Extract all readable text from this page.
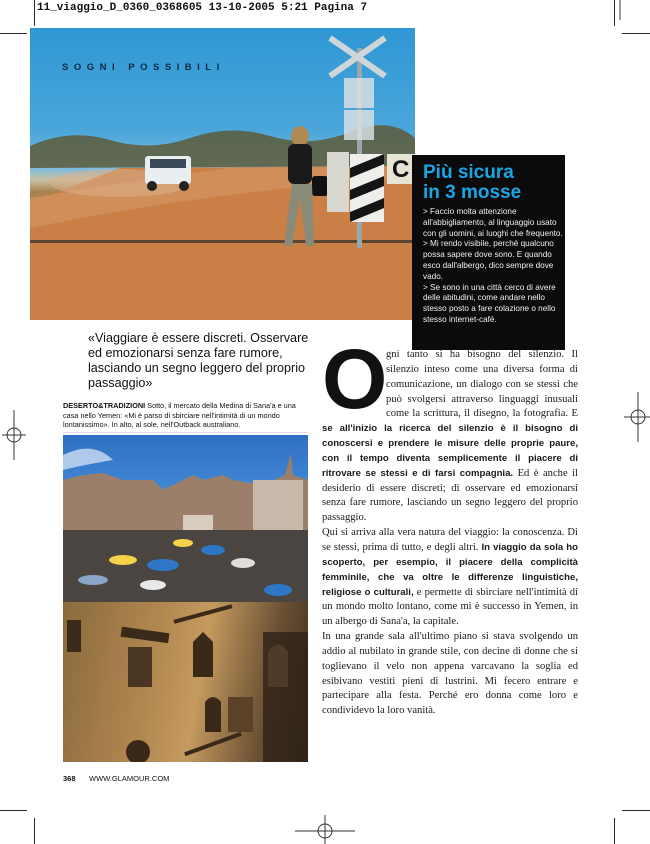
11_viaggio_D_0360_0368605 13-10-2005 5:21 Pagina 7
SOGNI POSSIBILI
C Più sicura
in 3 mosse

> Faccio molta attenzione all'abbigliamento, al linguaggio usato con gli uomini, ai luoghi che frequento.

> Mi rendo visibile, perché qualcuno possa sapere dove sono. E quando esco dall'albergo, dico sempre dove vado.

> Se sono in una città cerco di avere delle abitudini, come andare nello stesso posto a fare colazione o nello stesso internet-café.

«Viaggiare è essere discreti. Osservare ed emozionarsi senza fare rumore, lasciando un segno leggero del proprio passaggio»
DESERTO&TRADIZIONI Sotto, il mercato della Medina di Sana'a e una casa nello Yemen: «Mi è parso di sbirciare nell'intimità di un mondo lontanissimo». In alto, al sole, nell'Outback australiano. O

gni tanto si ha bisogno del silenzio. Il silenzio inteso come una diversa forma di comunicazione, un dialogo con se stessi che può svolgersi attraverso linguaggi inusuali come la scrittura, il disegno, la fotografia. E se all'inizio la ricerca del silenzio è il bisogno di conoscersi e prendere le misure delle proprie paure, con il tempo diventa semplicemente il piacere di ritrovare se stessi e di farsi compagnia. Ed è anche il desiderio di essere discreti; di osservare ed emozionarsi senza fare rumore, lasciando un segno leggero del proprio passaggio.

Qui si arriva alla vera natura del viaggio: la conoscenza. Di se stessi, prima di tutto, e degli altri. In viaggio da sola ho scoperto, per esempio, il piacere della complicità femminile, che va oltre le differenze linguistiche, religiose o culturali, e permette di sbirciare nell'intimità di un mondo molto lontano, come mi è successo in Yemen, in un albergo di Sana'a, la capitale.

In una grande sala all'ultimo piano si stava svolgendo un addio al nubilato in grande stile, con decine di donne che si toglievano il velo non appena varcavano la soglia ed esibivano vestiti pieni di lustrini. Mi fecero entrare e partecipare alla festa. Perché ero donna come loro e condividevo la loro vanità.

368 WWW.GLAMOUR.COM
